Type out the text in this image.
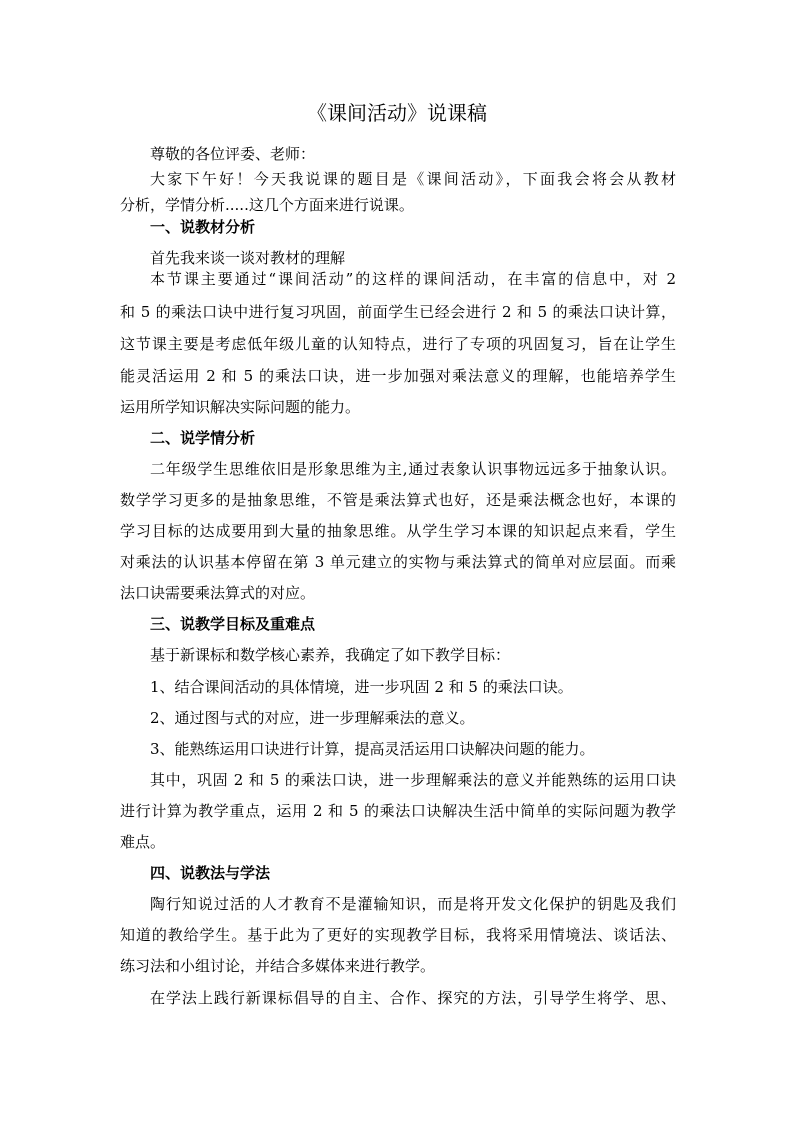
《课间活动》说课稿
尊敬的各位评委、老师：
大家下午好！今天我说课的题目是《课间活动》，下面我会将会从教材
分析，学情分析.....这几个方面来进行说课。
一、说教材分析
首先我来谈一谈对教材的理解
本节课主要通过“课间活动”的这样的课间活动，在丰富的信息中，对 2
和 5 的乘法口诀中进行复习巩固，前面学生已经会进行 2 和 5 的乘法口诀计算，
这节课主要是考虑低年级儿童的认知特点，进行了专项的巩固复习，旨在让学生
能灵活运用 2 和 5 的乘法口诀，进一步加强对乘法意义的理解，也能培养学生
运用所学知识解决实际问题的能力。
二、说学情分析
二年级学生思维依旧是形象思维为主,通过表象认识事物远远多于抽象认识。
数学学习更多的是抽象思维，不管是乘法算式也好，还是乘法概念也好，本课的
学习目标的达成要用到大量的抽象思维。从学生学习本课的知识起点来看，学生
对乘法的认识基本停留在第 3 单元建立的实物与乘法算式的简单对应层面。而乘
法口诀需要乘法算式的对应。
三、说教学目标及重难点
基于新课标和数学核心素养，我确定了如下教学目标：
1、结合课间活动的具体情境，进一步巩固 2 和 5 的乘法口诀。
2、通过图与式的对应，进一步理解乘法的意义。
3、能熟练运用口诀进行计算，提高灵活运用口诀解决问题的能力。
其中，巩固 2 和 5 的乘法口诀，进一步理解乘法的意义并能熟练的运用口诀
进行计算为教学重点，运用 2 和 5 的乘法口诀解决生活中简单的实际问题为教学
难点。
四、说教法与学法
陶行知说过活的人才教育不是灌输知识，而是将开发文化保护的钥匙及我们
知道的教给学生。基于此为了更好的实现教学目标，我将采用情境法、谈话法、
练习法和小组讨论，并结合多媒体来进行教学。
在学法上践行新课标倡导的自主、合作、探究的方法，引导学生将学、思、
